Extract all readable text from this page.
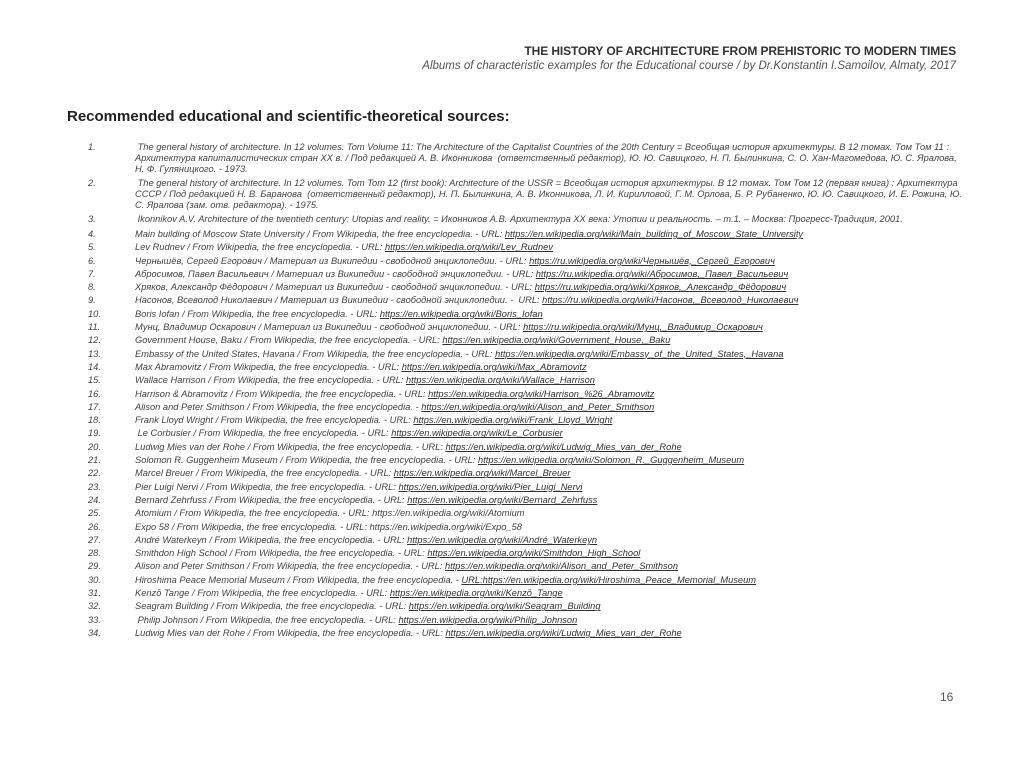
THE HISTORY OF ARCHITECTURE FROM PREHISTORIC TO MODERN TIMES
Albums of characteristic examples for the Educational course / by Dr.Konstantin I.Samoilov, Almaty, 2017
Recommended educational and scientific-theoretical sources:
1.	The general history of architecture. In 12 volumes. Tom Volume 11: The Architecture of the Capitalist Countries of the 20th Century = Всеобщая история архитектуры. В 12 томах. Том Том 11 : Архитектура капиталистических стран XX в. / Под редакцией А. В. Иконникова  (ответственный редактор), Ю. Ю. Савицкого, Н. П. Былинкина, С. О. Хан-Магомедова, Ю. С. Яралова, Н. Ф. Гуляницкого. - 1973.
2.	The general history of architecture. In 12 volumes. Tom Tom 12 (first book): Architecture of the USSR = Всеобщая история архитектуры. В 12 томах. Том Том 12 (первая книга) : Архитектура СССР / Под редакцией Н. В. Баранова  (ответственный редактор), Н. П. Былинкина, А. В. Иконникова, Л. И. Кирилловой, Г. М. Орлова, Б. Р. Рубаненко, Ю. Ю. Савицкого, И. Е. Рожина, Ю. С. Яралова (зам. отв. редактора). - 1975.
3.	Ikonnikov A.V. Architecture of the twentieth century: Utopias and reality. = Иконников А.В. Архитектура XX века: Утопии и реальность. – т.1. – Москва: Прогресс-Традиция, 2001.
4.	Main building of Moscow State University / From Wikipedia, the free encyclopedia. - URL: https://en.wikipedia.org/wiki/Main_building_of_Moscow_State_University
5.	Lev Rudnev / From Wikipedia, the free encyclopedia. - URL: https://en.wikipedia.org/wiki/Lev_Rudnev
6.	Чернышёв, Сергей Егорович / Материал из Википедии - свободной энциклопедии. - URL: https://ru.wikipedia.org/wiki/Чернышёв,_Сергей_Егорович
7.	Абросимов, Павел Васильевич / Материал из Википедии - свободной энциклопедии. - URL: https://ru.wikipedia.org/wiki/Абросимов,_Павел_Васильевич
8.	Хряков, Александр Фёдорович / Материал из Википедии - свободной энциклопедии. - URL: https://ru.wikipedia.org/wiki/Хряков,_Александр_Фёдорович
9.	Насонов, Всеволод Николаевич / Материал из Википедии - свободной энциклопедии. -  URL: https://ru.wikipedia.org/wiki/Насонов,_Всеволод_Николаевич
10.	Boris Iofan / From Wikipedia, the free encyclopedia. - URL: https://en.wikipedia.org/wiki/Boris_Iofan
11.	Мунц, Владимир Оскарович / Материал из Википедии - свободной энциклопедии. - URL: https://ru.wikipedia.org/wiki/Мунц,_Владимир_Оскарович
12.	Government House, Baku / From Wikipedia, the free encyclopedia. - URL: https://en.wikipedia.org/wiki/Government_House,_Baku
13.	Embassy of the United States, Havana / From Wikipedia, the free encyclopedia. - URL: https://en.wikipedia.org/wiki/Embassy_of_the_United_States,_Havana
14.	Max Abramovitz / From Wikipedia, the free encyclopedia. - URL: https://en.wikipedia.org/wiki/Max_Abramovitz
15.	Wallace Harrison / From Wikipedia, the free encyclopedia. - URL: https://en.wikipedia.org/wiki/Wallace_Harrison
16.	Harrison & Abramovitz / From Wikipedia, the free encyclopedia. - URL: https://en.wikipedia.org/wiki/Harrison_%26_Abramovitz
17.	Alison and Peter Smithson / From Wikipedia, the free encyclopedia. - https://en.wikipedia.org/wiki/Alison_and_Peter_Smithson
18.	Frank Lloyd Wright / From Wikipedia, the free encyclopedia. - URL: https://en.wikipedia.org/wiki/Frank_Lloyd_Wright
19.	Le Corbusier / From Wikipedia, the free encyclopedia. - URL: https://en.wikipedia.org/wiki/Le_Corbusier
20.	Ludwig Mies van der Rohe / From Wikipedia, the free encyclopedia. - URL: https://en.wikipedia.org/wiki/Ludwig_Mies_van_der_Rohe
21.	Solomon R. Guggenheim Museum / From Wikipedia, the free encyclopedia. - URL: https://en.wikipedia.org/wiki/Solomon_R._Guggenheim_Museum
22.	Marcel Breuer / From Wikipedia, the free encyclopedia. - URL: https://en.wikipedia.org/wiki/Marcel_Breuer
23.	Pier Luigi Nervi / From Wikipedia, the free encyclopedia. - URL: https://en.wikipedia.org/wiki/Pier_Luigi_Nervi
24.	Bernard Zehrfuss / From Wikipedia, the free encyclopedia. - URL: https://en.wikipedia.org/wiki/Bernard_Zehrfuss
25.	Atomium / From Wikipedia, the free encyclopedia. - URL: https://en.wikipedia.org/wiki/Atomium
26.	Expo 58 / From Wikipedia, the free encyclopedia. - URL: https://en.wikipedia.org/wiki/Expo_58
27.	André Waterkeyn / From Wikipedia, the free encyclopedia. - URL: https://en.wikipedia.org/wiki/André_Waterkeyn
28.	Smithdon High School / From Wikipedia, the free encyclopedia. - URL: https://en.wikipedia.org/wiki/Smithdon_High_School
29.	Alison and Peter Smithson / From Wikipedia, the free encyclopedia. - URL: https://en.wikipedia.org/wiki/Alison_and_Peter_Smithson
30.	Hiroshima Peace Memorial Museum / From Wikipedia, the free encyclopedia. - URL:https://en.wikipedia.org/wiki/Hiroshima_Peace_Memorial_Museum
31.	Kenzō Tange / From Wikipedia, the free encyclopedia. - URL: https://en.wikipedia.org/wiki/Kenzō_Tange
32.	Seagram Building / From Wikipedia, the free encyclopedia. - URL: https://en.wikipedia.org/wiki/Seagram_Building
33.	Philip Johnson / From Wikipedia, the free encyclopedia. - URL: https://en.wikipedia.org/wiki/Philip_Johnson
34.	Ludwig Mies van der Rohe / From Wikipedia, the free encyclopedia. - URL: https://en.wikipedia.org/wiki/Ludwig_Mies_van_der_Rohe
16
